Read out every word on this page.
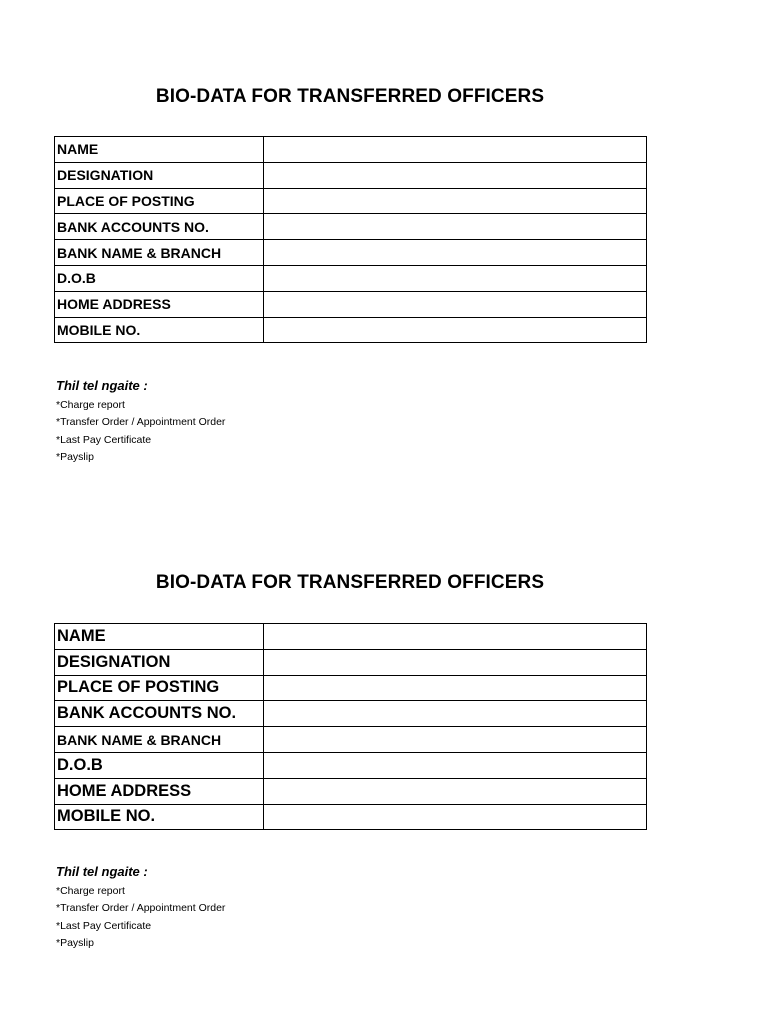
BIO-DATA FOR TRANSFERRED OFFICERS
NAME	
DESIGNATION	
PLACE OF POSTING	
BANK ACCOUNTS NO.	
BANK NAME & BRANCH	
D.O.B	
HOME ADDRESS	
MOBILE NO.	

Thil tel ngaite :

*Charge report

*Transfer Order / Appointment Order

*Last Pay Certificate

*Payslip

BIO-DATA FOR TRANSFERRED OFFICERS
NAME	
DESIGNATION	
PLACE OF POSTING	
BANK ACCOUNTS NO.	
BANK NAME & BRANCH	
D.O.B	
HOME ADDRESS	
MOBILE NO.	

Thil tel ngaite :

*Charge report

*Transfer Order / Appointment Order

*Last Pay Certificate

*Payslip
